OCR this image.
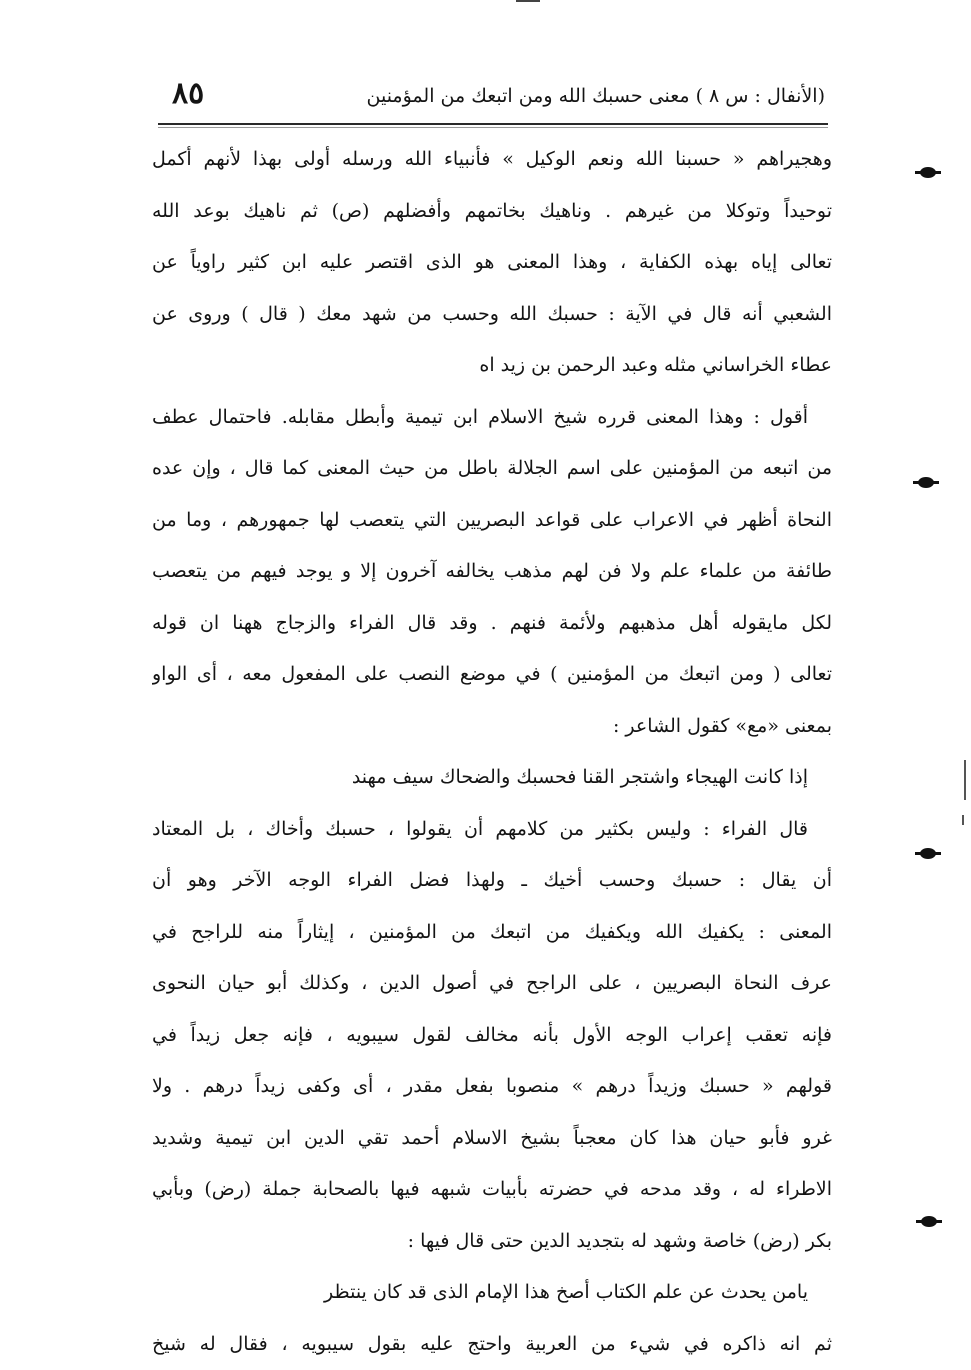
(الأنفال : س ٨ ) معنى حسبك الله ومن اتبعك من المؤمنين
٨٥
وهجيراهم « حسبنا الله ونعم الوكيل » فأنبياء الله ورسله أولى بهذا لأنهم أكمل
توحيداً وتوكلا من غيرهم . وناهيك بخاتمهم وأفضلهم (ص) ثم ناهيك بوعد الله
تعالى إياه بهذه الكفاية ، وهذا المعنى هو الذى اقتصر عليه ابن كثير راوياً عن
الشعبي أنه قال في الآية : حسبك الله وحسب من شهد معك ( قال ) وروى عن
عطاء الخراساني مثله وعبد الرحمن بن زيد اه
أقول : وهذا المعنى قرره شيخ الاسلام ابن تيمية وأبطل مقابله. فاحتمال عطف
من اتبعه من المؤمنين على اسم الجلالة باطل من حيث المعنى كما قال ، وإن عده
النحاة أظهر في الاعراب على قواعد البصريين التي يتعصب لها جمهورهم ، وما من
طائفة من علماء علم ولا فن لهم مذهب يخالفه آخرون إلا و يوجد فيهم من يتعصب
لكل مايقوله أهل مذهبهم ولأئمة فنهم . وقد قال الفراء والزجاج ههنا ان قوله
تعالى ( ومن اتبعك من المؤمنين ) في موضع النصب على المفعول معه ، أى الواو
بمعنى «مع» كقول الشاعر :
إذا كانت الهيجاء واشتجر القنا فحسبك والضحاك سيف مهند
قال الفراء : وليس بكثير من كلامهم أن يقولوا ، حسبك وأخاك ، بل المعتاد
أن يقال : حسبك وحسب أخيك ـ ولهذا فضل الفراء الوجه الآخر وهو أن
المعنى : يكفيك الله ويكفيك من اتبعك من المؤمنين ، إيثاراً منه للراجح في
عرف النحاة البصريين ، على الراجح في أصول الدين ، وكذلك أبو حيان النحوى
فإنه تعقب إعراب الوجه الأول بأنه مخالف لقول سيبويه ، فإنه جعل زيداً في
قولهم « حسبك وزيداً درهم » منصوبا بفعل مقدر ، أى وكفى زيداً درهم . ولا
غرو فأبو حيان هذا كان معجباً بشيخ الاسلام أحمد تقي الدين ابن تيمية وشديد
الاطراء له ، وقد مدحه في حضرته بأبيات شبهه فيها بالصحابة جملة (رض) وبأبي
بكر (رض) خاصة وشهد له بتجديد الدين حتى قال فيها :
يامن يحدث عن علم الكتاب أصخ هذا الإمام الذى قد كان ينتظر
ثم انه ذاكره في شيء من العربية واحتج عليه بقول سيبويه ، فقال له شيخ
